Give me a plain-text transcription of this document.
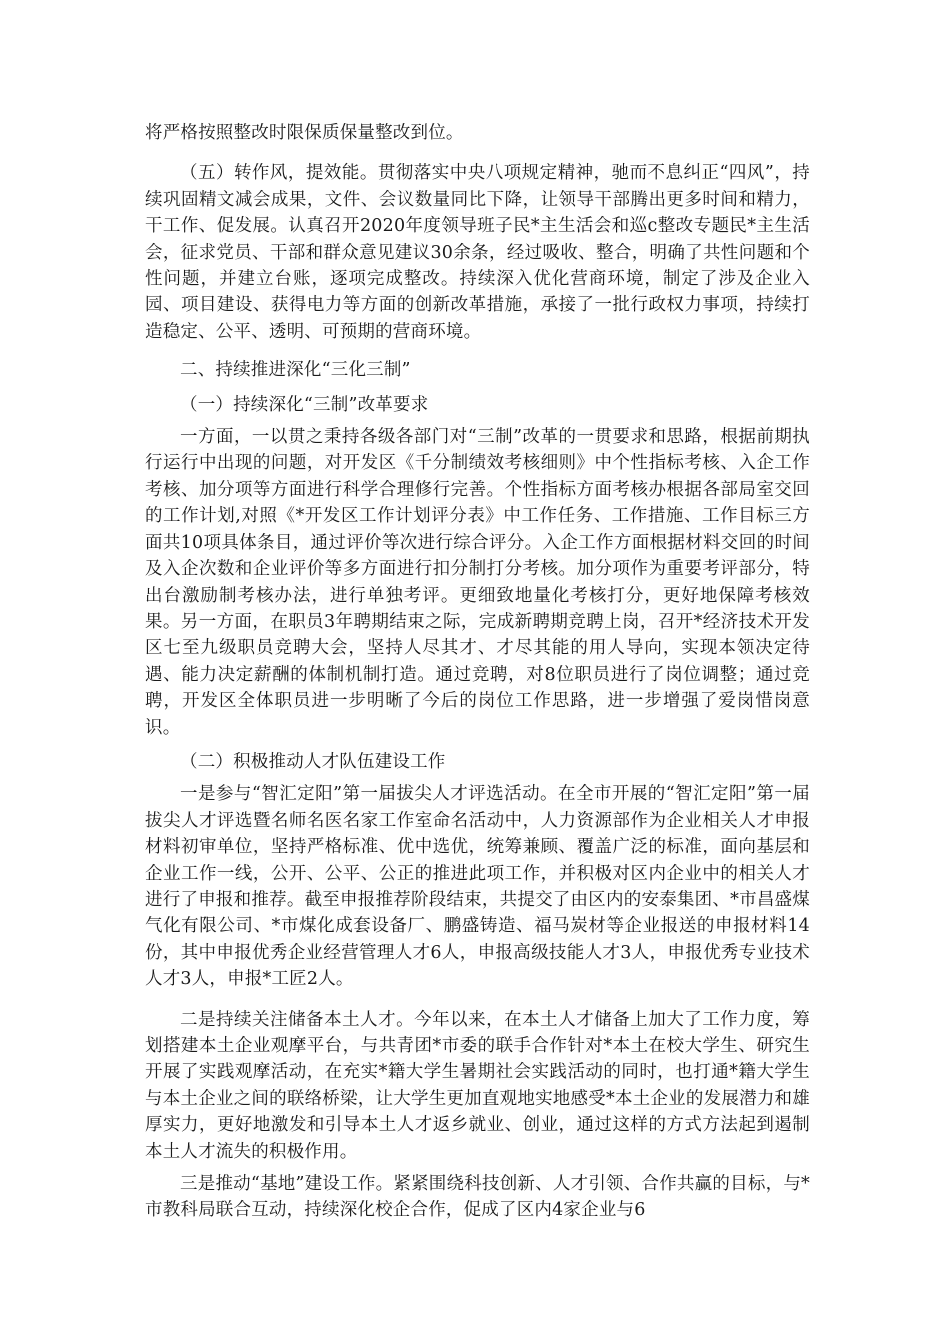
将严格按照整改时限保质保量整改到位。

（五）转作风，提效能。贯彻落实中央八项规定精神，驰而不息纠正“四风”，持续巩固精文减会成果，文件、会议数量同比下降，让领导干部腾出更多时间和精力，干工作、促发展。认真召开2020年度领导班子民*主生活会和巡c整改专题民*主生活会，征求党员、干部和群众意见建议30余条，经过吸收、整合，明确了共性问题和个性问题，并建立台账，逐项完成整改。持续深入优化营商环境，制定了涉及企业入园、项目建设、获得电力等方面的创新改革措施，承接了一批行政权力事项，持续打造稳定、公平、透明、可预期的营商环境。

二、持续推进深化“三化三制”

（一）持续深化“三制”改革要求

一方面，一以贯之秉持各级各部门对“三制”改革的一贯要求和思路，根据前期执行运行中出现的问题，对开发区《千分制绩效考核细则》中个性指标考核、入企工作考核、加分项等方面进行科学合理修行完善。个性指标方面考核办根据各部局室交回的工作计划,对照《*开发区工作计划评分表》中工作任务、工作措施、工作目标三方面共10项具体条目，通过评价等次进行综合评分。入企工作方面根据材料交回的时间及入企次数和企业评价等多方面进行扣分制打分考核。加分项作为重要考评部分，特出台激励制考核办法，进行单独考评。更细致地量化考核打分，更好地保障考核效果。另一方面，在职员3年聘期结束之际，完成新聘期竞聘上岗，召开*经济技术开发区七至九级职员竞聘大会，坚持人尽其才、才尽其能的用人导向，实现本领决定待遇、能力决定薪酬的体制机制打造。通过竞聘，对8位职员进行了岗位调整；通过竞聘，开发区全体职员进一步明晰了今后的岗位工作思路，进一步增强了爱岗惜岗意识。

（二）积极推动人才队伍建设工作

一是参与“智汇定阳”第一届拔尖人才评选活动。在全市开展的“智汇定阳”第一届拔尖人才评选暨名师名医名家工作室命名活动中，人力资源部作为企业相关人才申报材料初审单位，坚持严格标准、优中选优，统筹兼顾、覆盖广泛的标准，面向基层和企业工作一线，公开、公平、公正的推进此项工作，并积极对区内企业中的相关人才进行了申报和推荐。截至申报推荐阶段结束，共提交了由区内的安泰集团、*市昌盛煤气化有限公司、*市煤化成套设备厂、鹏盛铸造、福马炭材等企业报送的申报材料14份，其中申报优秀企业经营管理人才6人，申报高级技能人才3人，申报优秀专业技术人才3人，申报*工匠2人。

二是持续关注储备本土人才。今年以来，在本土人才储备上加大了工作力度，筹划搭建本土企业观摩平台，与共青团*市委的联手合作针对*本土在校大学生、研究生开展了实践观摩活动，在充实*籍大学生暑期社会实践活动的同时，也打通*籍大学生与本土企业之间的联络桥梁，让大学生更加直观地实地感受*本土企业的发展潜力和雄厚实力，更好地激发和引导本土人才返乡就业、创业，通过这样的方式方法起到遏制本土人才流失的积极作用。

三是推动“基地”建设工作。紧紧围绕科技创新、人才引领、合作共赢的目标，与*市教科局联合互动，持续深化校企合作，促成了区内4家企业与6
